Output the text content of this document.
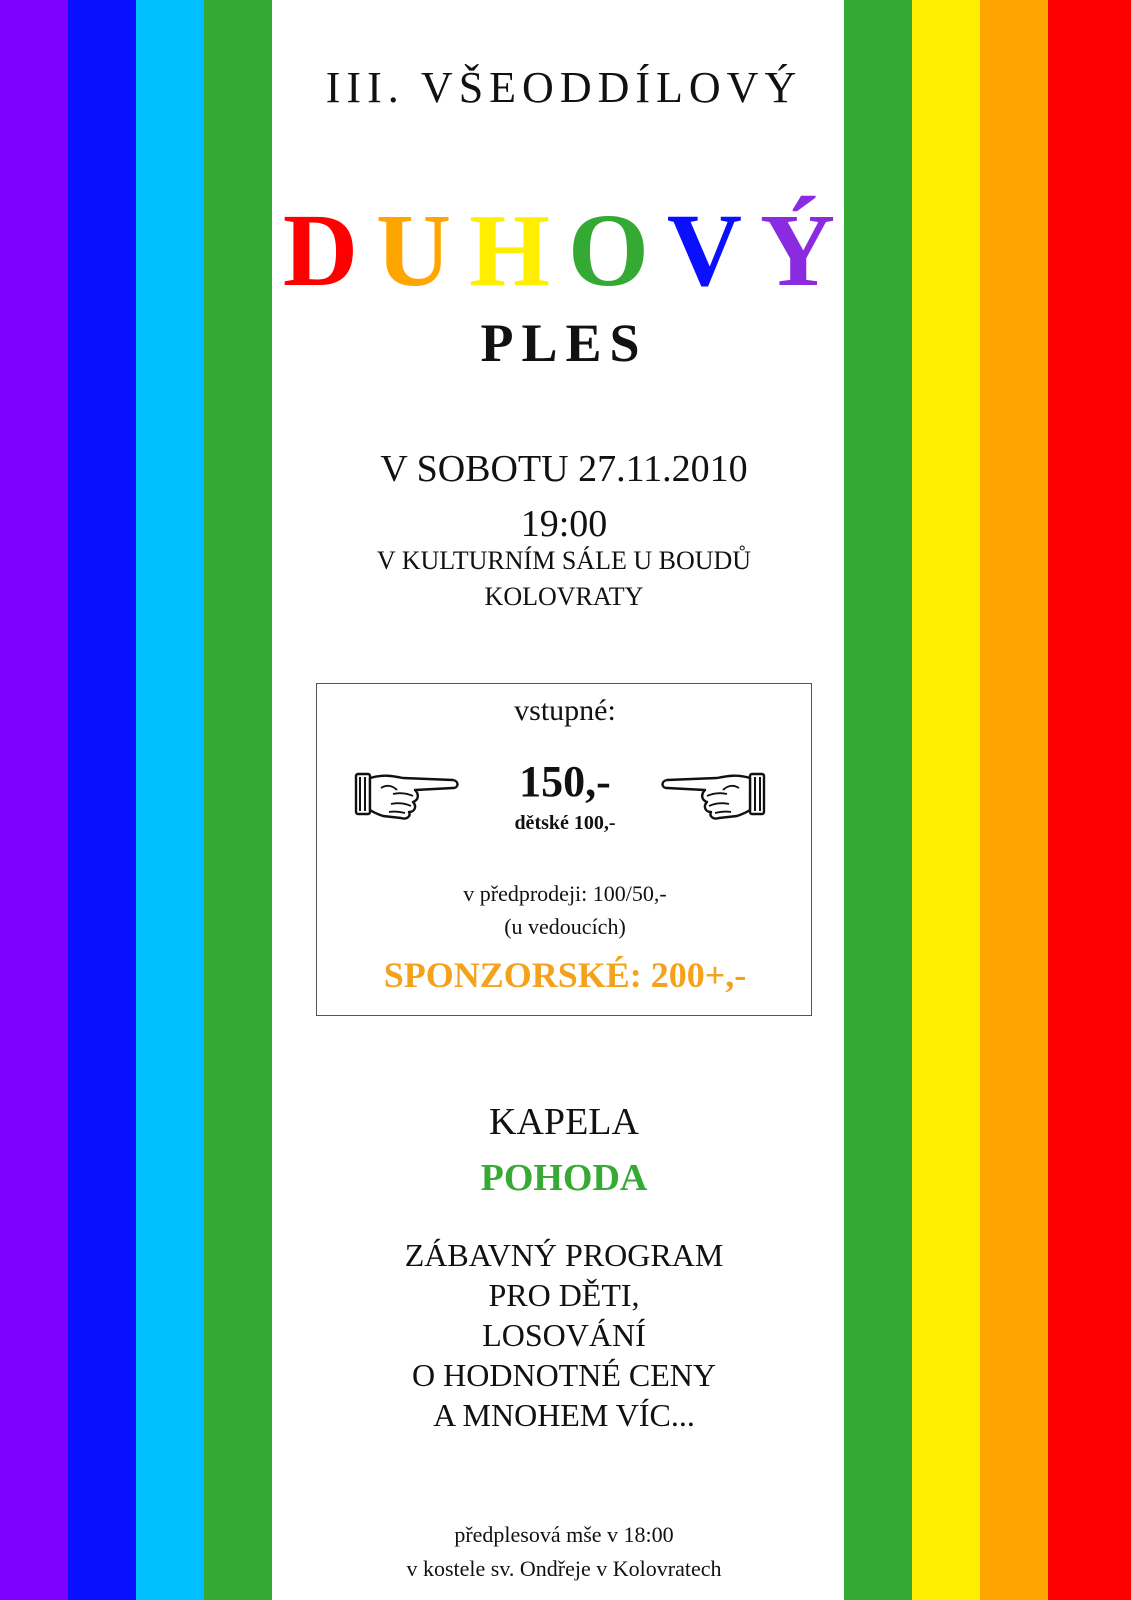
III. VŠEODDÍLOVÝ
D U H O V Ý
PLES
V SOBOTU 27.11.2010
19:00
V KULTURNÍM SÁLE U BOUDŮ
KOLOVRATY
vstupné:
150,-
dětské 100,-
v předprodeji: 100/50,-
(u vedoucích)
SPONZORSKÉ: 200+,-
KAPELA
POHODA
ZÁBAVNÝ PROGRAM
PRO DĚTI,
LOSOVÁNÍ
O HODNOTNÉ CENY
A MNOHEM VÍC...
předplesová mše v 18:00
v kostele sv. Ondřeje v Kolovratech
